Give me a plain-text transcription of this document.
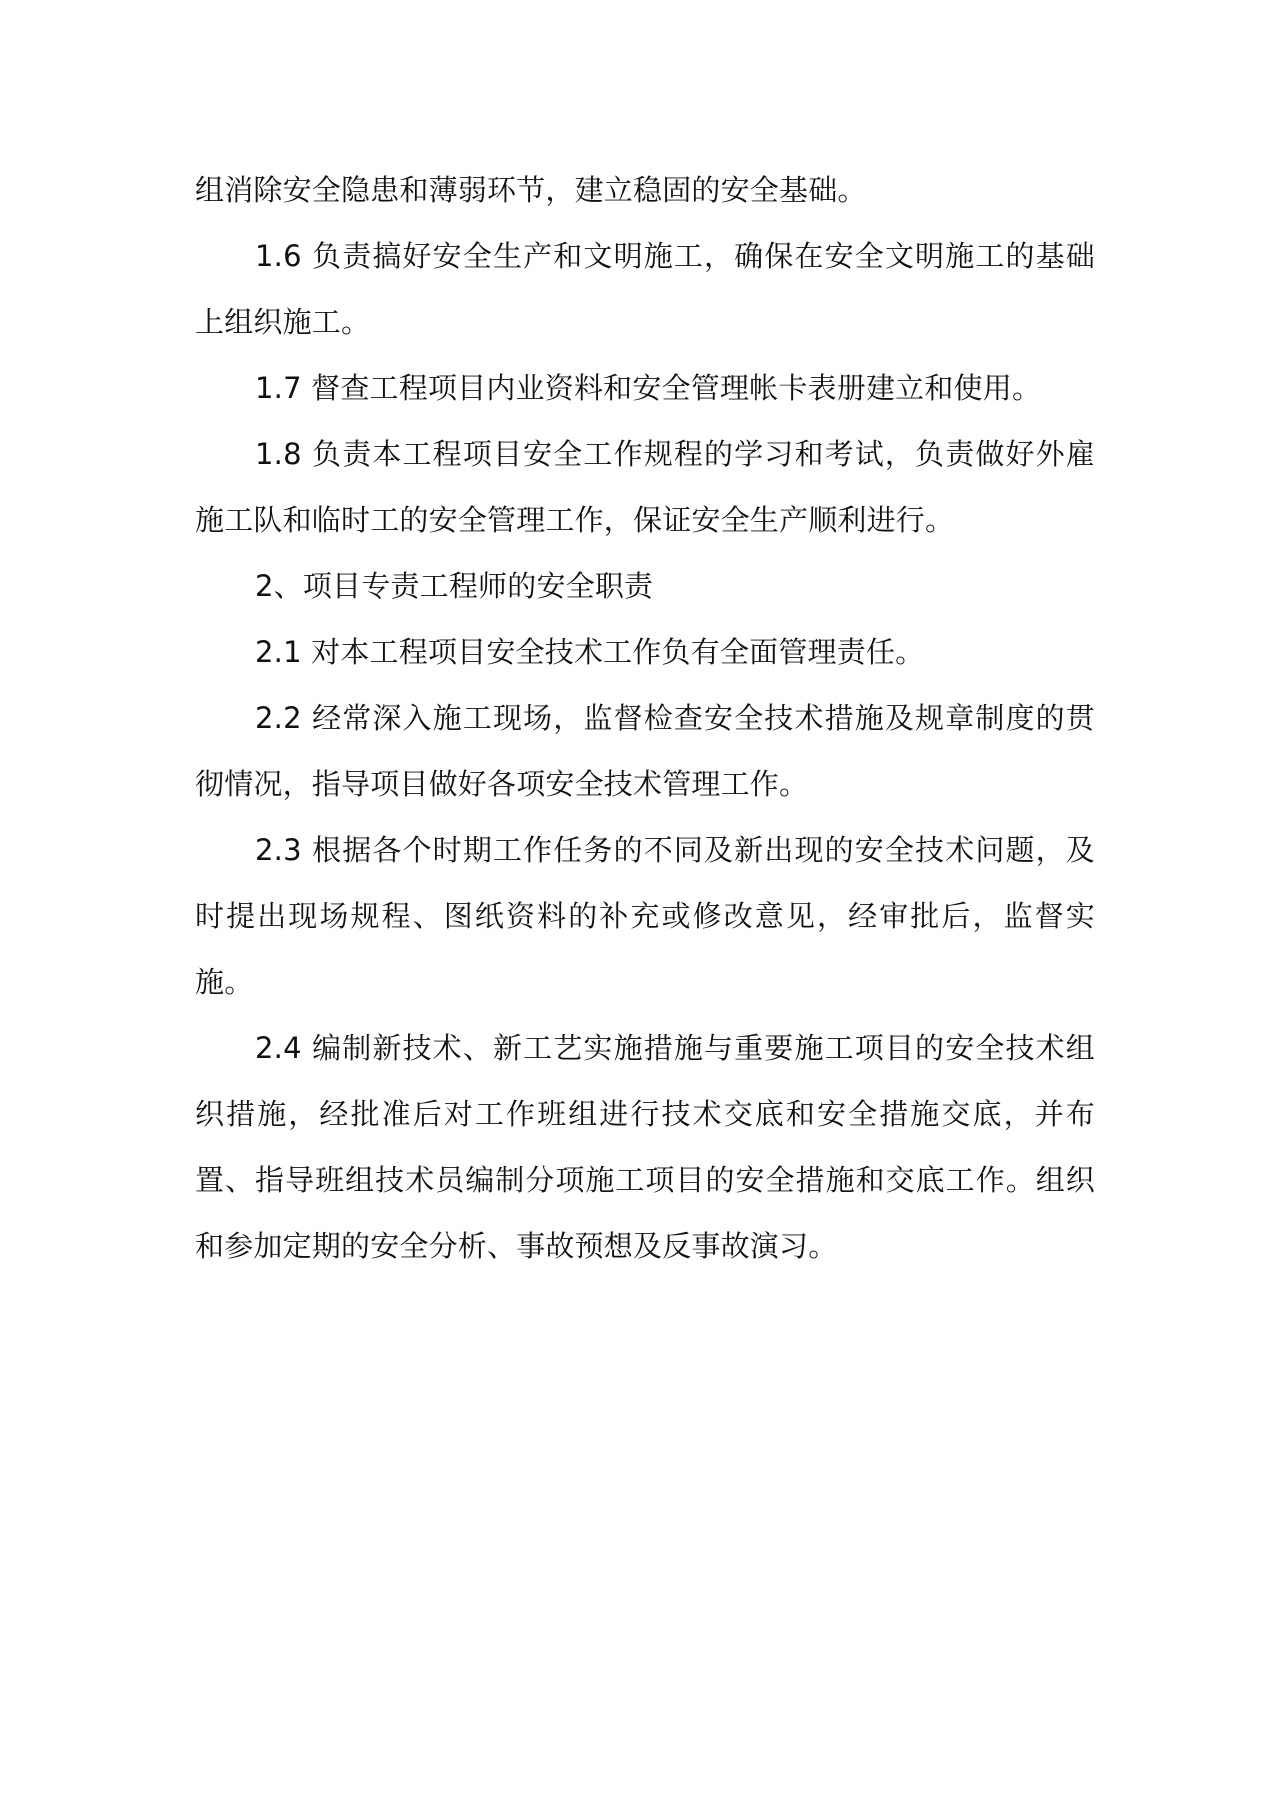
组消除安全隐患和薄弱环节，建立稳固的安全基础。

1.6 负责搞好安全生产和文明施工，确保在安全文明施工的基础上组织施工。

1.7 督查工程项目内业资料和安全管理帐卡表册建立和使用。

1.8 负责本工程项目安全工作规程的学习和考试，负责做好外雇施工队和临时工的安全管理工作，保证安全生产顺利进行。

2、项目专责工程师的安全职责

2.1 对本工程项目安全技术工作负有全面管理责任。

2.2 经常深入施工现场，监督检查安全技术措施及规章制度的贯彻情况，指导项目做好各项安全技术管理工作。

2.3 根据各个时期工作任务的不同及新出现的安全技术问题，及时提出现场规程、图纸资料的补充或修改意见，经审批后，监督实施。

2.4 编制新技术、新工艺实施措施与重要施工项目的安全技术组织措施，经批准后对工作班组进行技术交底和安全措施交底，并布置、指导班组技术员编制分项施工项目的安全措施和交底工作。组织和参加定期的安全分析、事故预想及反事故演习。
